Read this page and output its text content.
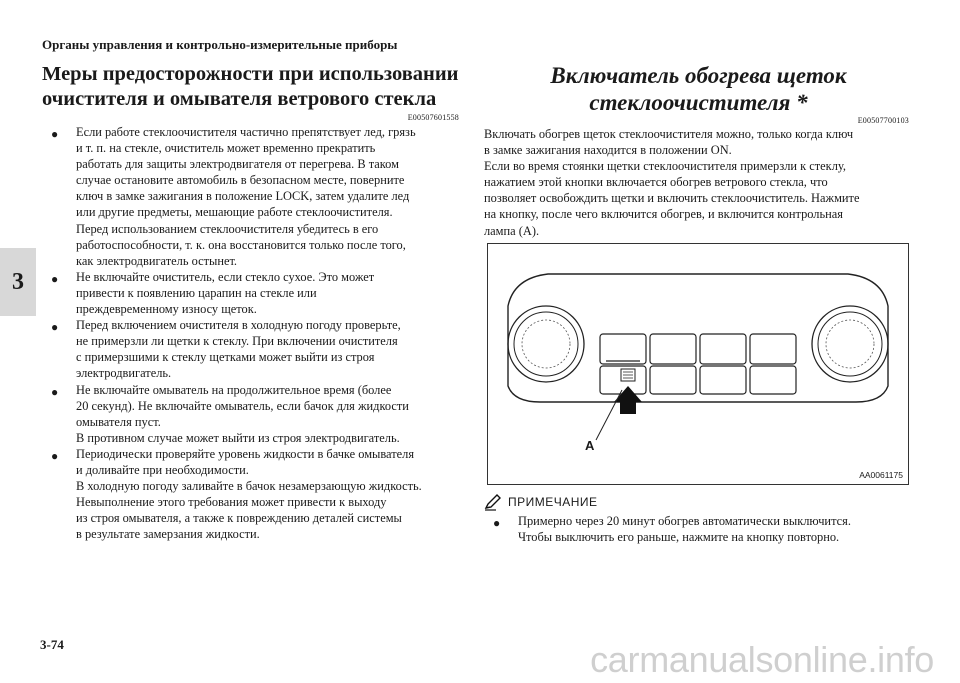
Органы управления и контрольно-измерительные приборы
3
Меры предосторожности при использовании очистителя и омывателя ветрового стекла
E00507601558
● Если работе стеклоочистителя частично препятствует лед, грязь
и т. п. на стекле, очиститель может временно прекратить
работать для защиты электродвигателя от перегрева. В таком
случае остановите автомобиль в безопасном месте, поверните
ключ в замке зажигания в положение LOCK, затем удалите лед
или другие предметы, мешающие работе стеклоочистителя.
Перед использованием стеклоочистителя убедитесь в его
работоспособности, т. к. она восстановится только после того,
как электродвигатель остынет.
● Не включайте очиститель, если стекло сухое. Это может
привести к появлению царапин на стекле или
преждевременному износу щеток.
● Перед включением очистителя в холодную погоду проверьте,
не примерзли ли щетки к стеклу. При включении очистителя
с примерзшими к стеклу щетками может выйти из строя
электродвигатель.
● Не включайте омыватель на продолжительное время (более
20 секунд). Не включайте омыватель, если бачок для жидкости
омывателя пуст.
В противном случае может выйти из строя электродвигатель.
● Периодически проверяйте уровень жидкости в бачке омывателя
и доливайте при необходимости.
В холодную погоду заливайте в бачок незамерзающую жидкость.
Невыполнение этого требования может привести к выходу
из строя омывателя, а также к повреждению деталей системы
в результате замерзания жидкости.
Включатель обогрева щеток
стеклоочистителя *
E00507700103
Включать обогрев щеток стеклоочистителя можно, только когда ключ
в замке зажигания находится в положении ON.
Если во время стоянки щетки стеклоочистителя примерзли к стеклу,
нажатием этой кнопки включается обогрев ветрового стекла, что
позволяет освобождить щетки и включить стеклоочиститель. Нажмите
на кнопку, после чего включится обогрев, и включится контрольная
лампа (А).
A
AA0061175
ПРИМЕЧАНИЕ
● Примерно через 20 минут обогрев автоматически выключится.
Чтобы выключить его раньше, нажмите на кнопку повторно.
3-74	carmanualsonline.info
